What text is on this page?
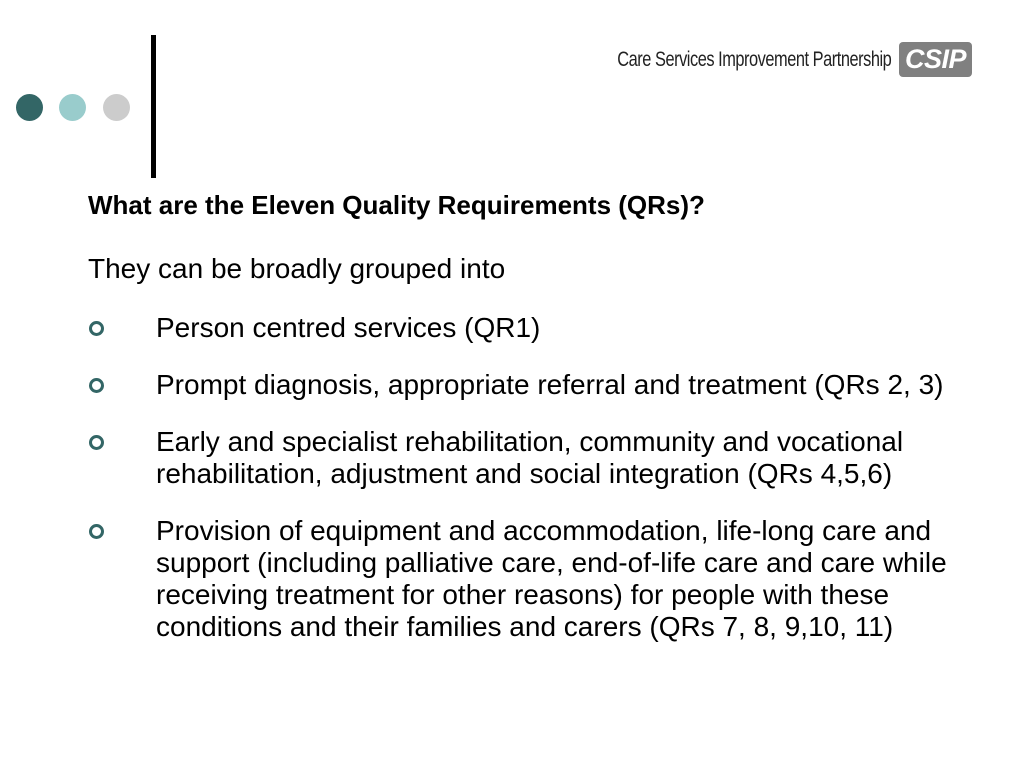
Care Services Improvement Partnership CSIP
What are the Eleven Quality Requirements (QRs)?

They can be broadly grouped into

Person centred services (QR1)
Prompt diagnosis, appropriate referral and treatment (QRs 2, 3)
Early and specialist rehabilitation, community and vocational rehabilitation, adjustment and social integration (QRs 4,5,6)
Provision of equipment and accommodation, life-long care and support (including palliative care, end-of-life care and care while receiving treatment for other reasons) for people with these conditions and their families and carers (QRs 7, 8, 9,10, 11)
